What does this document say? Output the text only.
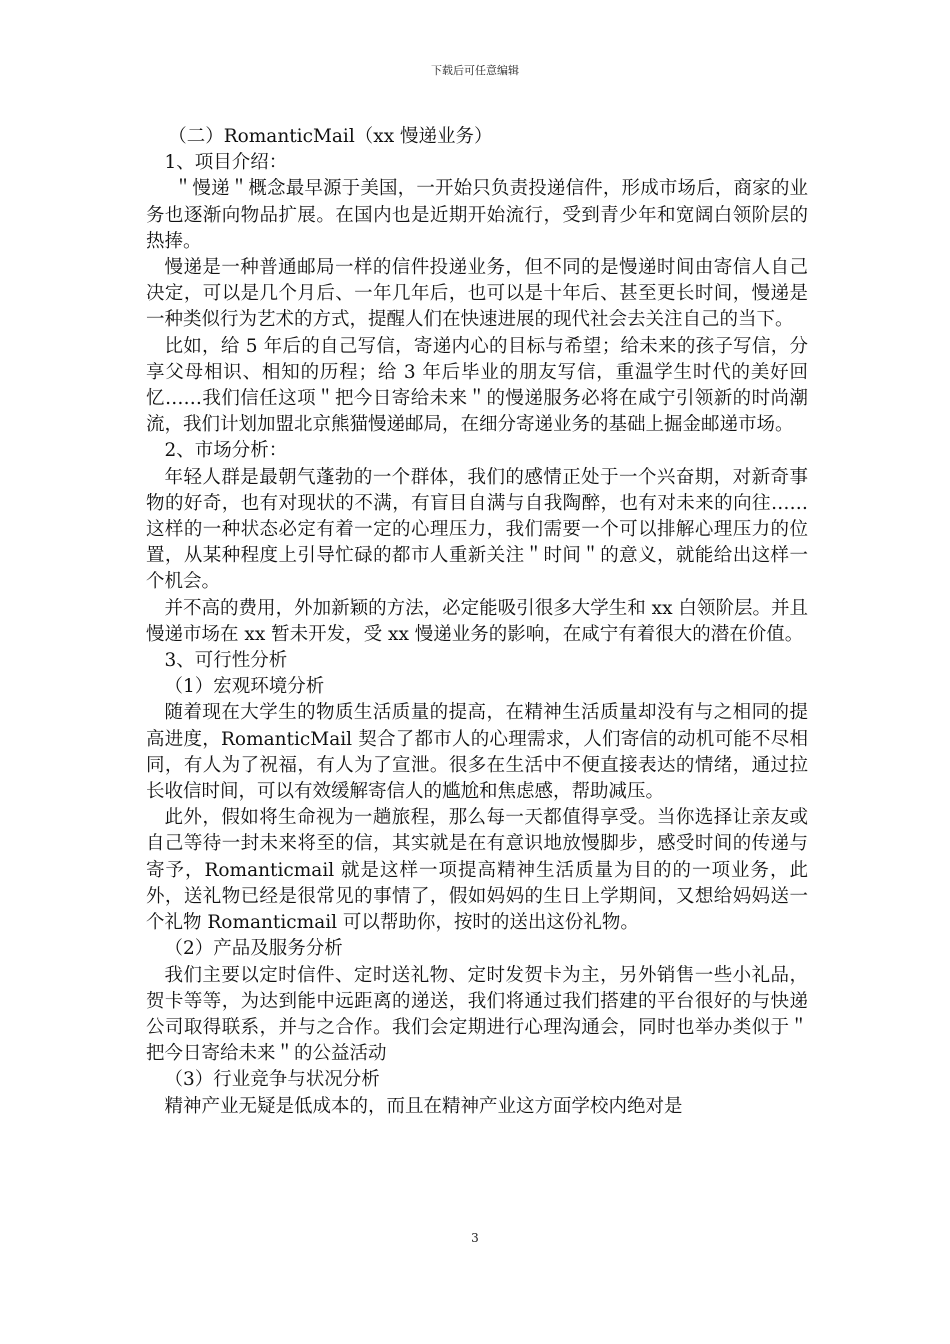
下载后可任意编辑

（二）RomanticMail（xx 慢递业务）

1、项目介绍：

＂慢递＂概念最早源于美国，一开始只负责投递信件，形成市场后，商家的业务也逐渐向物品扩展。在国内也是近期开始流行，受到青少年和宽阔白领阶层的热捧。

慢递是一种普通邮局一样的信件投递业务，但不同的是慢递时间由寄信人自己决定，可以是几个月后、一年几年后，也可以是十年后、甚至更长时间，慢递是一种类似行为艺术的方式，提醒人们在快速进展的现代社会去关注自己的当下。

比如，给 5 年后的自己写信，寄递内心的目标与希望；给未来的孩子写信，分享父母相识、相知的历程；给 3 年后毕业的朋友写信，重温学生时代的美好回忆……我们信任这项＂把今日寄给未来＂的慢递服务必将在咸宁引领新的时尚潮流，我们计划加盟北京熊猫慢递邮局，在细分寄递业务的基础上掘金邮递市场。

2、市场分析：

年轻人群是最朝气蓬勃的一个群体，我们的感情正处于一个兴奋期，对新奇事物的好奇，也有对现状的不满，有盲目自满与自我陶醉，也有对未来的向往……这样的一种状态必定有着一定的心理压力，我们需要一个可以排解心理压力的位置，从某种程度上引导忙碌的都市人重新关注＂时间＂的意义，就能给出这样一个机会。

并不高的费用，外加新颖的方法，必定能吸引很多大学生和 xx 白领阶层。并且慢递市场在 xx 暂未开发，受 xx 慢递业务的影响，在咸宁有着很大的潜在价值。

3、可行性分析

（1）宏观环境分析

随着现在大学生的物质生活质量的提高，在精神生活质量却没有与之相同的提高进度，RomanticMail 契合了都市人的心理需求，人们寄信的动机可能不尽相同，有人为了祝福，有人为了宣泄。很多在生活中不便直接表达的情绪，通过拉长收信时间，可以有效缓解寄信人的尴尬和焦虑感，帮助减压。

此外，假如将生命视为一趟旅程，那么每一天都值得享受。当你选择让亲友或自己等待一封未来将至的信，其实就是在有意识地放慢脚步，感受时间的传递与寄予，Romanticmail 就是这样一项提高精神生活质量为目的的一项业务，此外，送礼物已经是很常见的事情了，假如妈妈的生日上学期间，又想给妈妈送一个礼物 Romanticmail 可以帮助你，按时的送出这份礼物。

（2）产品及服务分析

我们主要以定时信件、定时送礼物、定时发贺卡为主，另外销售一些小礼品，贺卡等等，为达到能中远距离的递送，我们将通过我们搭建的平台很好的与快递公司取得联系，并与之合作。我们会定期进行心理沟通会，同时也举办类似于＂把今日寄给未来＂的公益活动

（3）行业竞争与状况分析

精神产业无疑是低成本的，而且在精神产业这方面学校内绝对是

3
